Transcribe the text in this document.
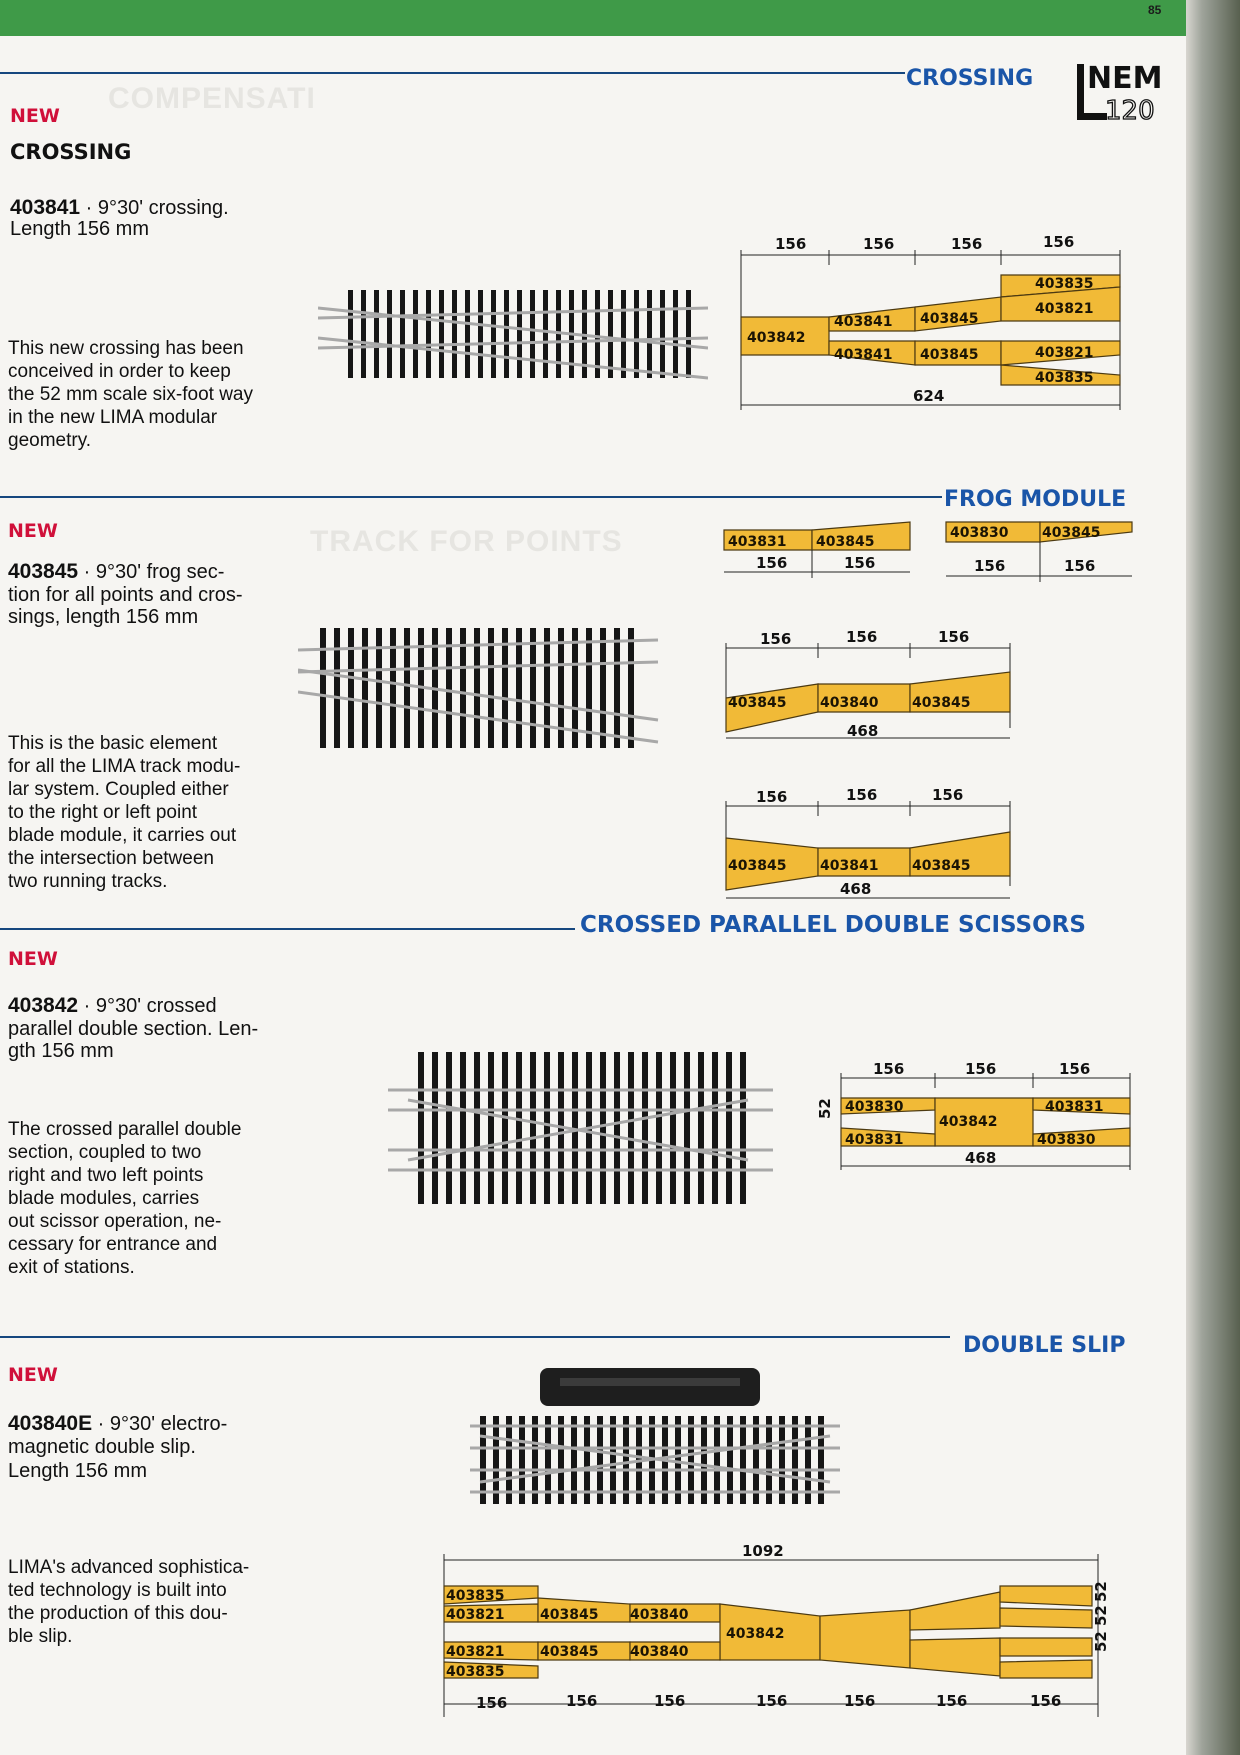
85
COMPENSATI
TRACK FOR POINTS
NEM
120
CROSSING
NEW
CROSSING
403841 · 9°30' crossing.
Length 156 mm

This new crossing has been

conceived in order to keep

the 52 mm scale six-foot way

in the new LIMA modular

geometry.

156	156	156	156
403842
403841 403845
403835
403821
403841 403845	403821
403835
624
FROG MODULE
NEW
403845 · 9°30' frog sec-
tion for all points and cros-
sings, length 156 mm

This is the basic element

for all the LIMA track modu-

lar system. Coupled either

to the right or left point

blade module, it carries out

the intersection between

two running tracks.

403831 403845
156	156
403830 403845
156	156
156	156	156
403845 403840 403845
468
156	156	156
403845 403841 403845
468
CROSSED PARALLEL DOUBLE SCISSORS
NEW
403842 · 9°30' crossed
parallel double section. Len-
gth 156 mm

The crossed parallel double

section, coupled to two

right and two left points

blade modules, carries

out scissor operation, ne-

cessary for entrance and

exit of stations.

156	156	156
403830
403842
403831
403831	403830
52
468
DOUBLE SLIP
NEW
403840E · 9°30' electro-
magnetic double slip.
Length 156 mm

LIMA's advanced sophistica-

ted technology is built into

the production of this dou-

ble slip.

1092
403835
403821	403845 403840
403842
403821	403845 403840
403835
52
52
52
156	156	156	156	156	156	156
